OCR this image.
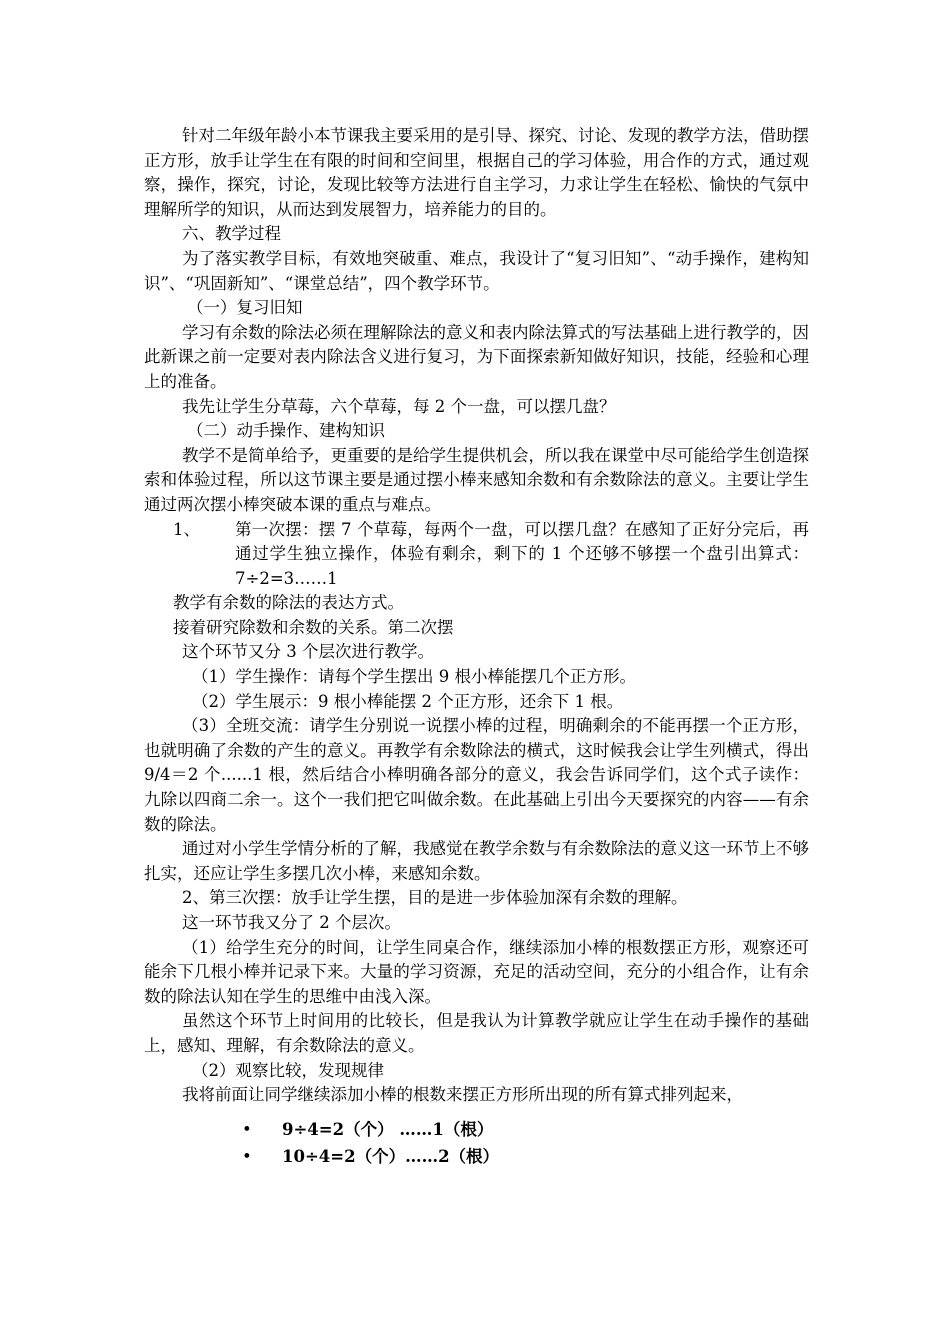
针对二年级年龄小本节课我主要采用的是引导、探究、讨论、发现的教学方法，借助摆正方形，放手让学生在有限的时间和空间里，根据自己的学习体验，用合作的方式，通过观察，操作，探究，讨论，发现比较等方法进行自主学习，力求让学生在轻松、愉快的气氛中理解所学的知识，从而达到发展智力，培养能力的目的。

六、教学过程

为了落实教学目标，有效地突破重、难点，我设计了“复习旧知”、“动手操作，建构知识”、“巩固新知”、“课堂总结”，四个教学环节。

（一）复习旧知

学习有余数的除法必须在理解除法的意义和表内除法算式的写法基础上进行教学的，因此新课之前一定要对表内除法含义进行复习，为下面探索新知做好知识，技能，经验和心理上的准备。

我先让学生分草莓，六个草莓，每 2 个一盘，可以摆几盘？

（二）动手操作、建构知识

教学不是简单给予，更重要的是给学生提供机会，所以我在课堂中尽可能给学生创造探索和体验过程，所以这节课主要是通过摆小棒来感知余数和有余数除法的意义。主要让学生通过两次摆小棒突破本课的重点与难点。

1、	第一次摆：摆 7 个草莓，每两个一盘，可以摆几盘？在感知了正好分完后，再通过学生独立操作，体验有剩余，剩下的 1 个还够不够摆一个盘引出算式：7÷2=3……1

教学有余数的除法的表达方式。

接着研究除数和余数的关系。第二次摆

这个环节又分 3 个层次进行教学。

（1）学生操作：请每个学生摆出 9 根小棒能摆几个正方形。

（2）学生展示：9 根小棒能摆 2 个正方形，还余下 1 根。

（3）全班交流：请学生分别说一说摆小棒的过程，明确剩余的不能再摆一个正方形，也就明确了余数的产生的意义。再教学有余数除法的横式，这时候我会让学生列横式，得出 9/4＝2 个......1 根，然后结合小棒明确各部分的意义，我会告诉同学们，这个式子读作：九除以四商二余一。这个一我们把它叫做余数。在此基础上引出今天要探究的内容——有余数的除法。

通过对小学生学情分析的了解，我感觉在教学余数与有余数除法的意义这一环节上不够扎实，还应让学生多摆几次小棒，来感知余数。

2、第三次摆：放手让学生摆，目的是进一步体验加深有余数的理解。

这一环节我又分了 2 个层次。

（1）给学生充分的时间，让学生同桌合作，继续添加小棒的根数摆正方形，观察还可能余下几根小棒并记录下来。大量的学习资源，充足的活动空间，充分的小组合作，让有余数的除法认知在学生的思维中由浅入深。

虽然这个环节上时间用的比较长，但是我认为计算教学就应让学生在动手操作的基础上，感知、理解，有余数除法的意义。

（2）观察比较，发现规律

我将前面让同学继续添加小棒的根数来摆正方形所出现的所有算式排列起来，

•	9÷4=2（个） ……1（根）
•	10÷4=2（个）……2（根）
